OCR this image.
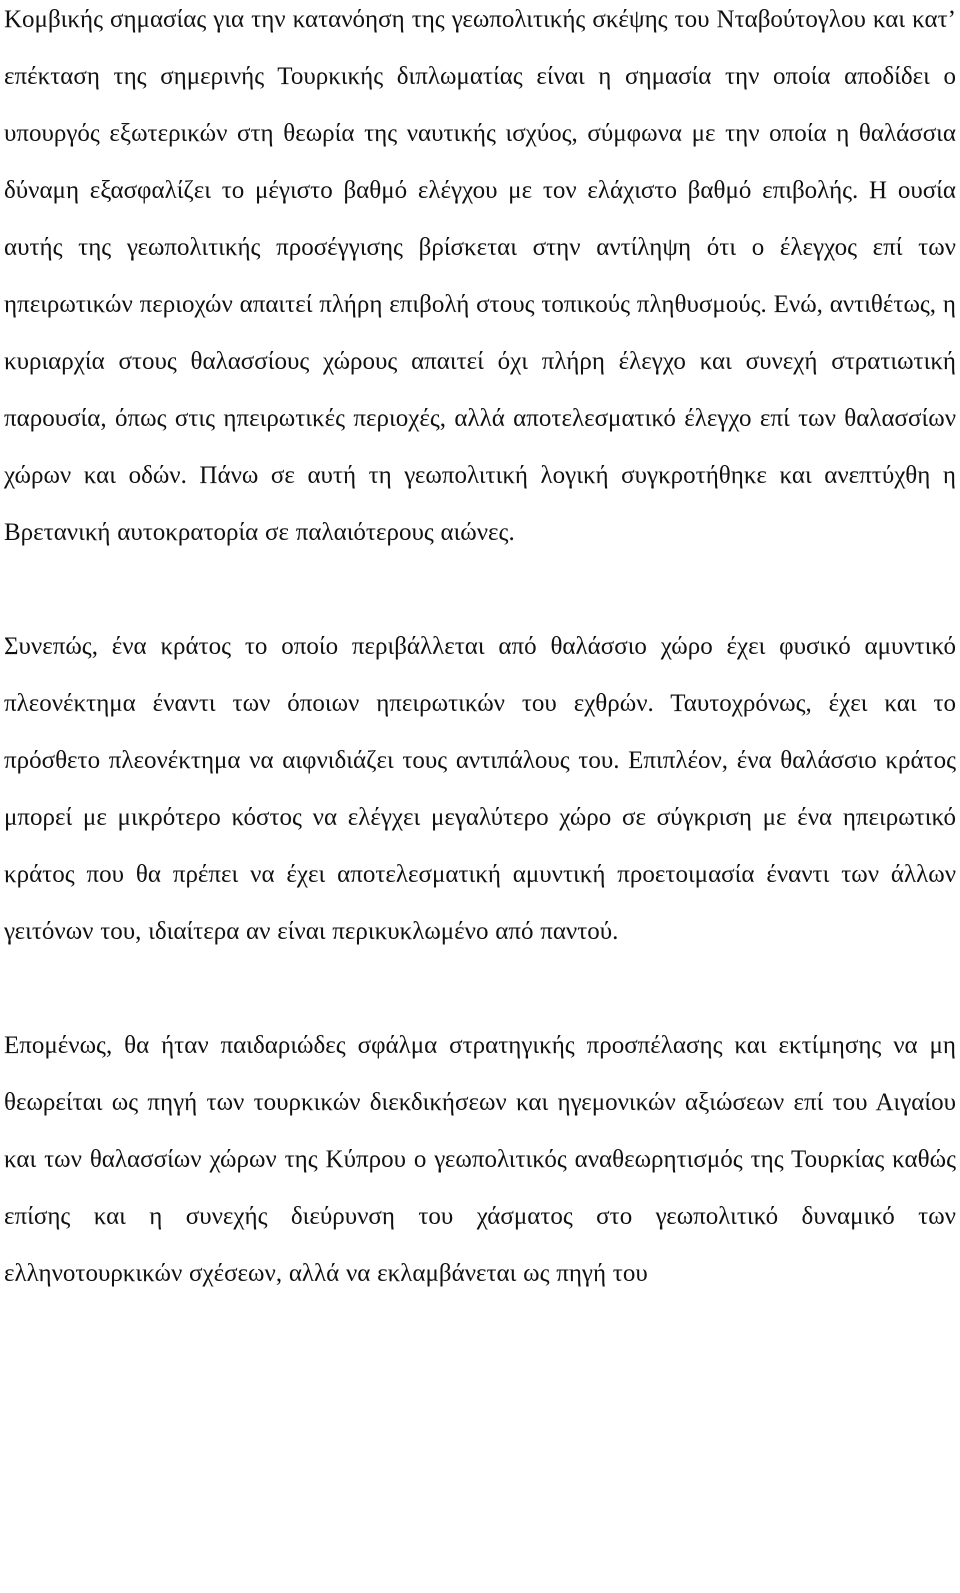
Κομβικής σημασίας για την κατανόηση της γεωπολιτικής σκέψης του Νταβούτογλου και κατ’ επέκταση της σημερινής Τουρκικής διπλωματίας είναι η σημασία την οποία αποδίδει ο υπουργός εξωτερικών στη θεωρία της ναυτικής ισχύος, σύμφωνα με την οποία η θαλάσσια δύναμη εξασφαλίζει το μέγιστο βαθμό ελέγχου με τον ελάχιστο βαθμό επιβολής. Η ουσία αυτής της γεωπολιτικής προσέγγισης βρίσκεται στην αντίληψη ότι ο έλεγχος επί των ηπειρωτικών περιοχών απαιτεί πλήρη επιβολή στους τοπικούς πληθυσμούς. Ενώ, αντιθέτως, η κυριαρχία στους θαλασσίους χώρους απαιτεί όχι πλήρη έλεγχο και συνεχή στρατιωτική παρουσία, όπως στις ηπειρωτικές περιοχές, αλλά αποτελεσματικό έλεγχο επί των θαλασσίων χώρων και οδών. Πάνω σε αυτή τη γεωπολιτική λογική συγκροτήθηκε και ανεπτύχθη η Βρετανική αυτοκρατορία σε παλαιότερους αιώνες.

Συνεπώς, ένα κράτος το οποίο περιβάλλεται από θαλάσσιο χώρο έχει φυσικό αμυντικό πλεονέκτημα έναντι των όποιων ηπειρωτικών του εχθρών. Ταυτοχρόνως, έχει και το πρόσθετο πλεονέκτημα να αιφνιδιάζει τους αντιπάλους του. Επιπλέον, ένα θαλάσσιο κράτος μπορεί με μικρότερο κόστος να ελέγχει μεγαλύτερο χώρο σε σύγκριση με ένα ηπειρωτικό κράτος που θα πρέπει να έχει αποτελεσματική αμυντική προετοιμασία έναντι των άλλων γειτόνων του, ιδιαίτερα αν είναι περικυκλωμένο από παντού.

Επομένως, θα ήταν παιδαριώδες σφάλμα στρατηγικής προσπέλασης και εκτίμησης να μη θεωρείται ως πηγή των τουρκικών διεκδικήσεων και ηγεμονικών αξιώσεων επί του Αιγαίου και των θαλασσίων χώρων της Κύπρου ο γεωπολιτικός αναθεωρητισμός της Τουρκίας καθώς επίσης και η συνεχής διεύρυνση του χάσματος στο γεωπολιτικό δυναμικό των ελληνοτουρκικών σχέσεων, αλλά να εκλαμβάνεται ως πηγή του
